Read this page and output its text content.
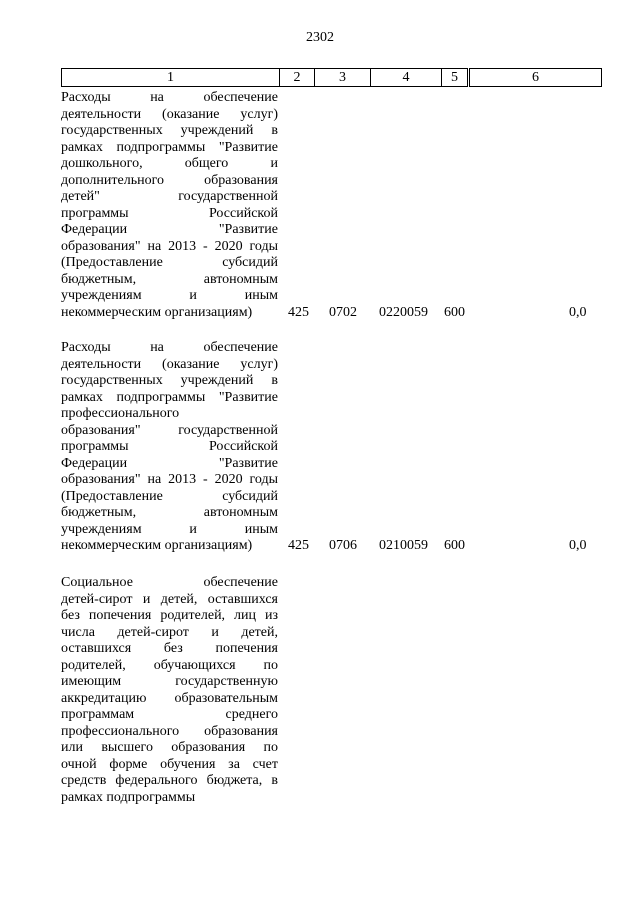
2302
1	2	3	4	5	6
Расходы на обеспечение
деятельности (оказание услуг)
государственных учреждений в
рамках подпрограммы "Развитие
дошкольного, общего и
дополнительного образования
детей" государственной
программы Российской
Федерации "Развитие
образования" на 2013 - 2020 годы
(Предоставление субсидий
бюджетным, автономным
учреждениям и иным
некоммерческим организациям)	425 0702 0220059 600	0,0
Расходы на обеспечение
деятельности (оказание услуг)
государственных учреждений в
рамках подпрограммы "Развитие
профессионального
образования" государственной
программы Российской
Федерации "Развитие
образования" на 2013 - 2020 годы
(Предоставление субсидий
бюджетным, автономным
учреждениям и иным
некоммерческим организациям)	425 0706 0210059 600	0,0
Социальное обеспечение
детей-сирот и детей, оставшихся
без попечения родителей, лиц из
числа детей-сирот и детей,
оставшихся без попечения
родителей, обучающихся по
имеющим государственную
аккредитацию образовательным
программам среднего
профессионального образования
или высшего образования по
очной форме обучения за счет
средств федерального бюджета, в
рамках подпрограммы
